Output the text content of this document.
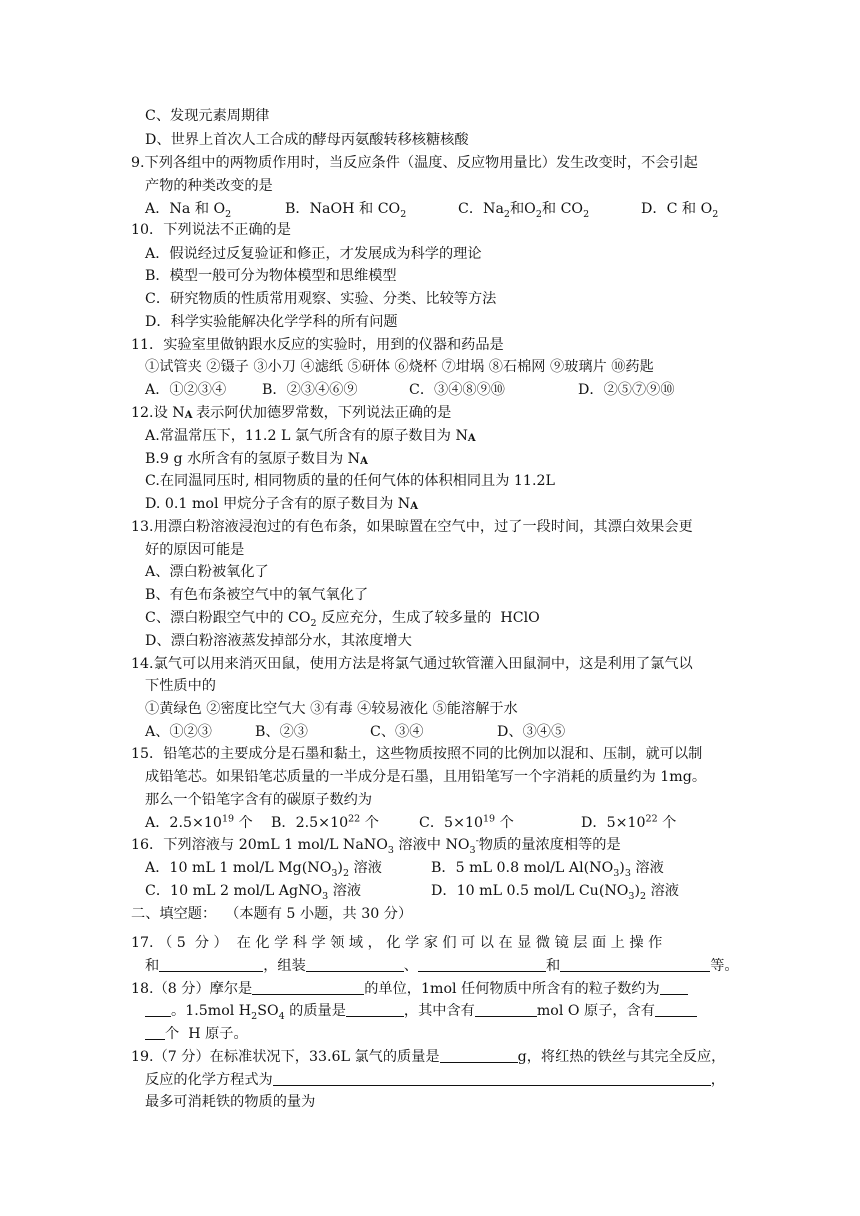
C、发现元素周期律
D、世界上首次人工合成的酵母丙氨酸转移核糖核酸
9.下列各组中的两物质作用时，当反应条件（温度、反应物用量比）发生改变时，不会引起
产物的种类改变的是
A．Na 和 $O_2$	B．NaOH 和 $CO_2$	C．$Na_2$和$O_2$和 $CO_2$	D．C 和 $O_2$
10．下列说法不正确的是
A．假说经过反复验证和修正，才发展成为科学的理论
B．模型一般可分为物体模型和思维模型
C．研究物质的性质常用观察、实验、分类、比较等方法
D．科学实验能解决化学学科的所有问题
11．实验室里做钠跟水反应的实验时，用到的仪器和药品是
①试管夹 ②镊子 ③小刀 ④滤纸 ⑤研体 ⑥烧杯 ⑦坩埚 ⑧石棉网 ⑨玻璃片 ⑩药匙
A．①②③④	B．②③④⑥⑨	C．③④⑧⑨⑩	D．②⑤⑦⑨⑩
12.设 NA 表示阿伏加德罗常数，下列说法正确的是
A.常温常压下，11.2 L 氯气所含有的原子数目为 NA
B.9 g 水所含有的氢原子数目为 NA
C.在同温同压时, 相同物质的量的任何气体的体积相同且为 11.2L
D. 0.1 mol 甲烷分子含有的原子数目为 NA
13.用漂白粉溶液浸泡过的有色布条，如果晾置在空气中，过了一段时间，其漂白效果会更
好的原因可能是
A、漂白粉被氧化了
B、有色布条被空气中的氧气氧化了
C、漂白粉跟空气中的 $CO_2$ 反应充分，生成了较多量的  HClO
D、漂白粉溶液蒸发掉部分水，其浓度增大
14.氯气可以用来消灭田鼠，使用方法是将氯气通过软管灌入田鼠洞中，这是利用了氯气以
下性质中的
①黄绿色 ②密度比空气大 ③有毒 ④较易液化 ⑤能溶解于水
A、①②③	B、②③	C、③④	D、③④⑤
15．铅笔芯的主要成分是石墨和黏土，这些物质按照不同的比例加以混和、压制，就可以制
成铅笔芯。如果铅笔芯质量的一半成分是石墨，且用铅笔写一个字消耗的质量约为 1mg。
那么一个铅笔字含有的碳原子数约为
A．$2.5\times 10^{19}$ 个 B．$2.5\times 10^{22}$ 个	C．$5\times 10^{19}$ 个	D．$5\times 10^{22}$ 个
16．下列溶液与 20mL 1 mol/L NaNO$_3$ 溶液中 $NO_3^-$物质的量浓度相等的是
A．10 mL 1 mol/L $Mg(NO_3)_2$ 溶液	B．5 mL 0.8 mol/L $Al(NO_3)_3$ 溶液
C．10 mL 2 mol/L AgNO$_3$ 溶液	D．10 mL 0.5 mol/L $Cu(NO_3)_2$ 溶液
二、填空题：  （本题有 5 小题，共 30 分）
17. （ 5  分 ）  在 化 学 科 学 领 域 ， 化 学 家 们 可 以 在 显 微 镜 层 面 上 操 作
和	，组装	、	和	等。
18.（8 分）摩尔是	的单位，1mol 任何物质中所含有的粒子数约为
。1.5mol $H_2SO_4$ 的质量是	，其中含有	mol O 原子，含有
个  H 原子。
19.（7 分）在标准状况下，33.6L 氯气的质量是	g，将红热的铁丝与其完全反应，
反应的化学方程式为	，
最多可消耗铁的物质的量为
